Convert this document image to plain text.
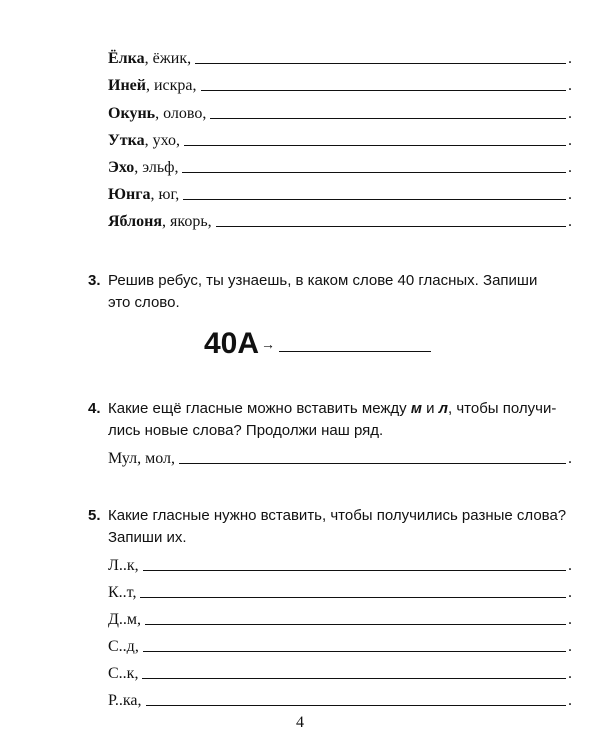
Ёлка, ёжик,	.
Иней, искра,	.
Окунь, олово,	.
Утка, ухо,	.
Эхо, эльф,	.
Юнга, юг,	.
Яблоня, якорь,	.
3. Решив ребус, ты узнаешь, в каком слове 40 гласных. Запиши
это слово.
40А →
4. Какие ещё гласные можно вставить между м и л, чтобы получи-
лись новые слова? Продолжи наш ряд.
Мул, мол,	.
5. Какие гласные нужно вставить, чтобы получились разные слова?
Запиши их.
Л..к,	.
К..т,	.
Д..м,	.
С..д,	.
С..к,	.
Р..ка,	.
4
